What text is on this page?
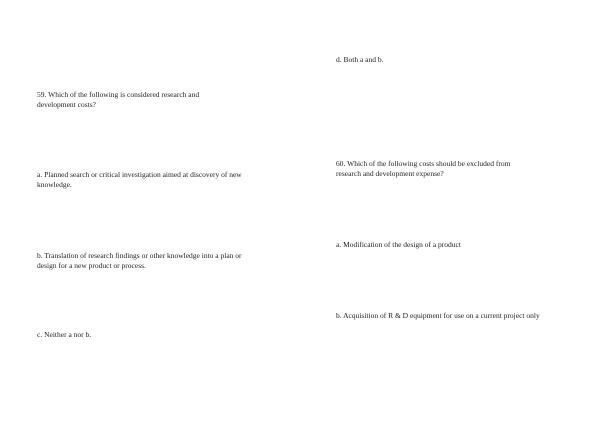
59. Which of the following is considered research and
development costs?
a. Planned search or critical investigation aimed at discovery of new
knowledge.
b. Translation of research findings or other knowledge into a plan or
design for a new product or process.
c. Neither a nor b.
d. Both a and b.
60. Which of the following costs should be excluded from
research and development expense?
a. Modification of the design of a product
b. Acquisition of R & D equipment for use on a current project only
